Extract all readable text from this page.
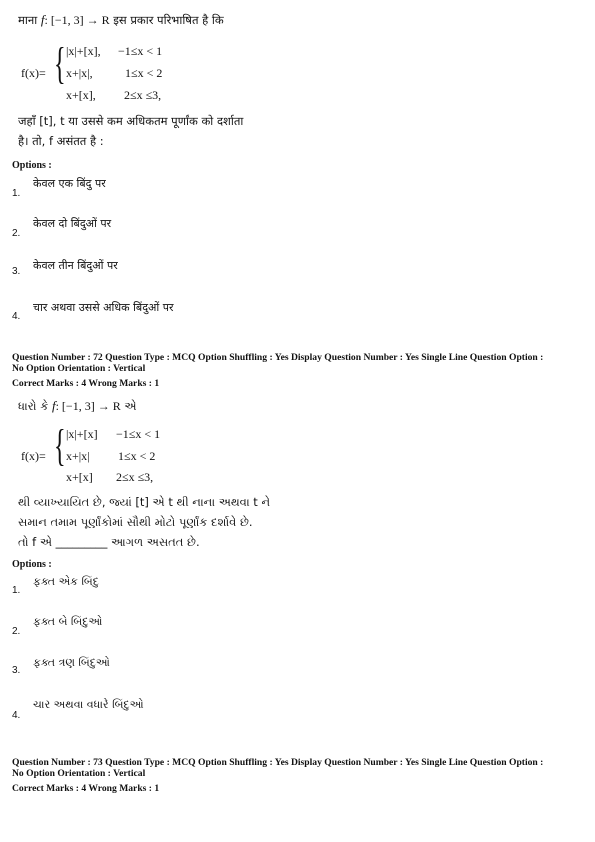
माना f: [−1, 3] → R इस प्रकार परिभाषित है कि
f(x)= { |x|+[x], −1≤x < 1
x+|x|,	1≤x < 2
x+[x], 2≤x ≤3,
जहाँ [t], t या उससे कम अधिकतम पूर्णांक को दर्शाता
है। तो, f असंतत है :
Options :
केवल एक बिंदु पर
1.
केवल दो बिंदुओं पर
2.
केवल तीन बिंदुओं पर
3.
चार अथवा उससे अधिक बिंदुओं पर
4.
Question Number : 72 Question Type : MCQ Option Shuffling : Yes Display Question Number : Yes Single Line Question Option :
No Option Orientation : Vertical
Correct Marks : 4 Wrong Marks : 1
ધારો કે f: [−1, 3] → R એ
f(x)= { |x|+[x] −1≤x < 1
x+|x| 1≤x < 2
x+[x] 2≤x ≤3,
થી વ્યાખ્યાયિત છે, જ્યાં [t] એ t થી નાના અથવા t ને
સમાન તમામ પૂર્ણાંકોમાં સૌથી મોટો પૂર્ણાંક દર્શાવે છે.
તો f એ _________ આગળ અસતત છે.
Options :
ફક્ત એક બિંદુ
1.
ફક્ત બે બિંદુઓ
2.
ફક્ત ત્રણ બિંદુઓ
3.
ચાર અથવા વધારે બિંદુઓ
4.
Question Number : 73 Question Type : MCQ Option Shuffling : Yes Display Question Number : Yes Single Line Question Option :
No Option Orientation : Vertical
Correct Marks : 4 Wrong Marks : 1
